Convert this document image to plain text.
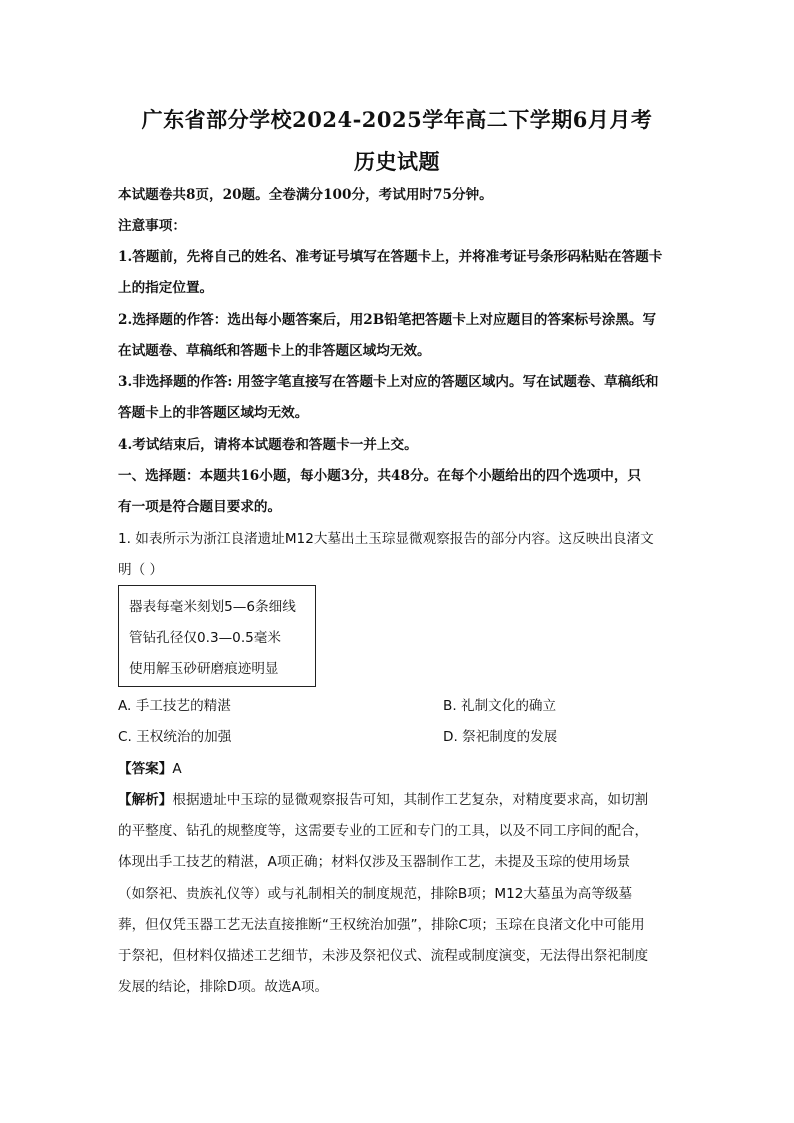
广东省部分学校2024-2025学年高二下学期6月月考
历史试题
本试题卷共8页，20题。全卷满分100分，考试用时75分钟。
注意事项：
1.答题前，先将自己的姓名、准考证号填写在答题卡上，并将准考证号条形码粘贴在答题卡
上的指定位置。
2.选择题的作答：选出每小题答案后，用2B铅笔把答题卡上对应题目的答案标号涂黑。写
在试题卷、草稿纸和答题卡上的非答题区域均无效。
3.非选择题的作答: 用签字笔直接写在答题卡上对应的答题区域内。写在试题卷、草稿纸和
答题卡上的非答题区域均无效。
4.考试结束后，请将本试题卷和答题卡一并上交。
一、选择题：本题共16小题，每小题3分，共48分。在每个小题给出的四个选项中，只
有一项是符合题目要求的。
1. 如表所示为浙江良渚遗址M12大墓出土玉琮显微观察报告的部分内容。这反映出良渚文
明（ ）
器表每毫米刻划5—6条细线
管钻孔径仅0.3—0.5毫米
使用解玉砂研磨痕迹明显
A. 手工技艺的精湛	B. 礼制文化的确立
C. 王权统治的加强	D. 祭祀制度的发展
【答案】A
【解析】根据遗址中玉琮的显微观察报告可知，其制作工艺复杂，对精度要求高，如切割
的平整度、钻孔的规整度等，这需要专业的工匠和专门的工具，以及不同工序间的配合，
体现出手工技艺的精湛，A项正确；材料仅涉及玉器制作工艺，未提及玉琮的使用场景
（如祭祀、贵族礼仪等）或与礼制相关的制度规范，排除B项；M12大墓虽为高等级墓
葬，但仅凭玉器工艺无法直接推断“王权统治加强”，排除C项；玉琮在良渚文化中可能用
于祭祀，但材料仅描述工艺细节，未涉及祭祀仪式、流程或制度演变，无法得出祭祀制度
发展的结论，排除D项。故选A项。
